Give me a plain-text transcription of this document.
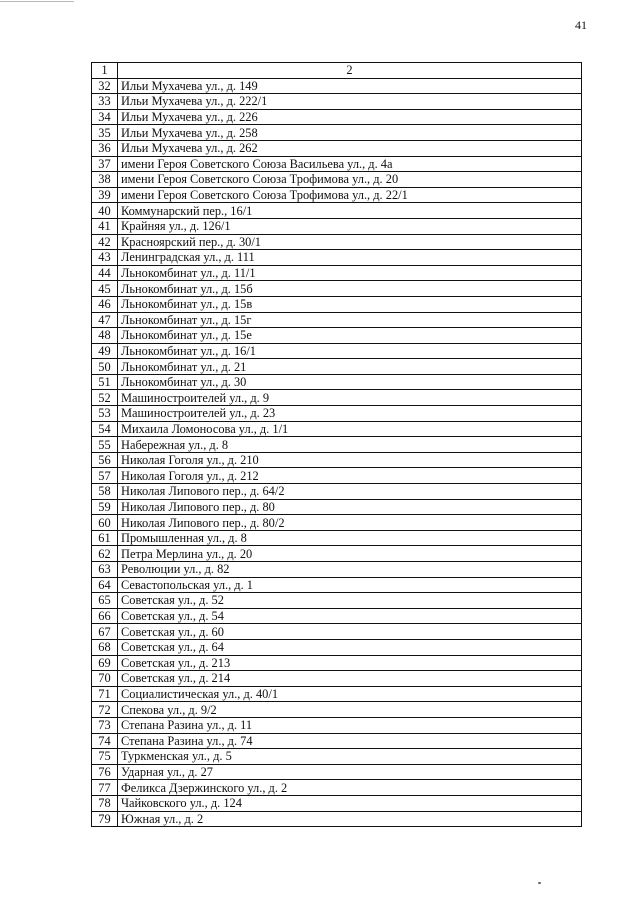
41
1	2
32	Ильи Мухачева ул., д. 149
33	Ильи Мухачева ул., д. 222/1
34	Ильи Мухачева ул., д. 226
35	Ильи Мухачева ул., д. 258
36	Ильи Мухачева ул., д. 262
37	имени Героя Советского Союза Васильева ул., д. 4а
38	имени Героя Советского Союза Трофимова ул., д. 20
39	имени Героя Советского Союза Трофимова ул., д. 22/1
40	Коммунарский пер., 16/1
41	Крайняя ул., д. 126/1
42	Красноярский пер., д. 30/1
43	Ленинградская ул., д. 111
44	Льнокомбинат ул., д. 11/1
45	Льнокомбинат ул., д. 15б
46	Льнокомбинат ул., д. 15в
47	Льнокомбинат ул., д. 15г
48	Льнокомбинат ул., д. 15е
49	Льнокомбинат ул., д. 16/1
50	Льнокомбинат ул., д. 21
51	Льнокомбинат ул., д. 30
52	Машиностроителей ул., д. 9
53	Машиностроителей ул., д. 23
54	Михаила Ломоносова ул., д. 1/1
55	Набережная ул., д. 8
56	Николая Гоголя ул., д. 210
57	Николая Гоголя ул., д. 212
58	Николая Липового пер., д. 64/2
59	Николая Липового пер., д. 80
60	Николая Липового пер., д. 80/2
61	Промышленная ул., д. 8
62	Петра Мерлина ул., д. 20
63	Революции ул., д. 82
64	Севастопольская ул., д. 1
65	Советская ул., д. 52
66	Советская ул., д. 54
67	Советская ул., д. 60
68	Советская ул., д. 64
69	Советская ул., д. 213
70	Советская ул., д. 214
71	Социалистическая ул., д. 40/1
72	Спекова ул., д. 9/2
73	Степана Разина ул., д. 11
74	Степана Разина ул., д. 74
75	Туркменская ул., д. 5
76	Ударная ул., д. 27
77	Феликса Дзержинского ул., д. 2
78	Чайковского ул., д. 124
79	Южная ул., д. 2
